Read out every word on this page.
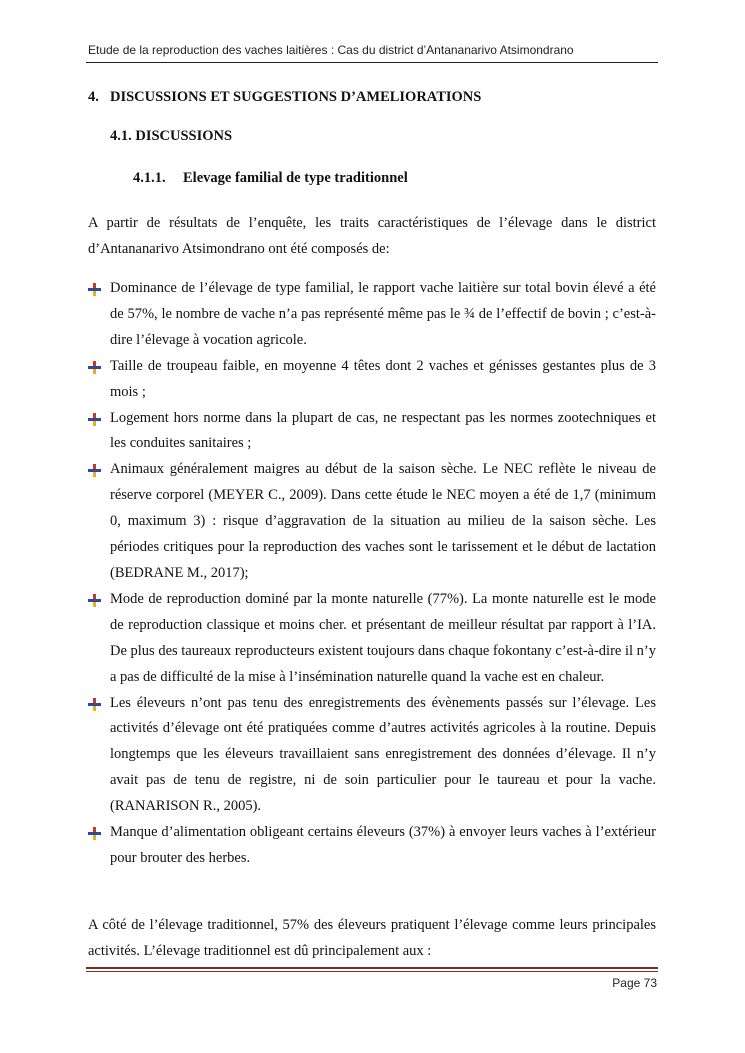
Etude de la reproduction des vaches laitières : Cas du district d’Antananarivo Atsimondrano
4. DISCUSSIONS ET SUGGESTIONS D’AMELIORATIONS
4.1. DISCUSSIONS
4.1.1. Elevage familial de type traditionnel

A partir de résultats de l’enquête, les traits caractéristiques de l’élevage dans le district d’Antananarivo Atsimondrano ont été composés de:

Dominance de l’élevage de type familial, le rapport vache laitière sur total bovin élevé a été de 57%, le nombre de vache n’a pas représenté même pas le ¾ de l’effectif de bovin ; c’est-à-dire l’élevage à vocation agricole.
Taille de troupeau faible, en moyenne 4 têtes dont 2 vaches et génisses gestantes plus de 3 mois ;
Logement hors norme dans la plupart de cas, ne respectant pas les normes zootechniques et les conduites sanitaires ;
Animaux généralement maigres au début de la saison sèche. Le NEC reflète le niveau de réserve corporel (MEYER C., 2009). Dans cette étude le NEC moyen a été de 1,7 (minimum 0, maximum 3) : risque d’aggravation de la situation au milieu de la saison sèche. Les périodes critiques pour la reproduction des vaches sont le tarissement et le début de lactation (BEDRANE M., 2017);
Mode de reproduction dominé par la monte naturelle (77%). La monte naturelle est le mode de reproduction classique et moins cher. et présentant de meilleur résultat par rapport à l’IA. De plus des taureaux reproducteurs existent toujours dans chaque fokontany c’est-à-dire il n’y a pas de difficulté de la mise à l’insémination naturelle quand la vache est en chaleur.
Les éleveurs n’ont pas tenu des enregistrements des évènements passés sur l’élevage. Les activités d’élevage ont été pratiquées comme d’autres activités agricoles à la routine. Depuis longtemps que les éleveurs travaillaient sans enregistrement des données d’élevage. Il n’y avait pas de tenu de registre, ni de soin particulier pour le taureau et pour la vache. (RANARISON R., 2005).
Manque d’alimentation obligeant certains éleveurs (37%) à envoyer leurs vaches à l’extérieur pour brouter des herbes.

A côté de l’élevage traditionnel, 57% des éleveurs pratiquent l’élevage comme leurs principales activités. L’élevage traditionnel est dû principalement aux :

Page 73
